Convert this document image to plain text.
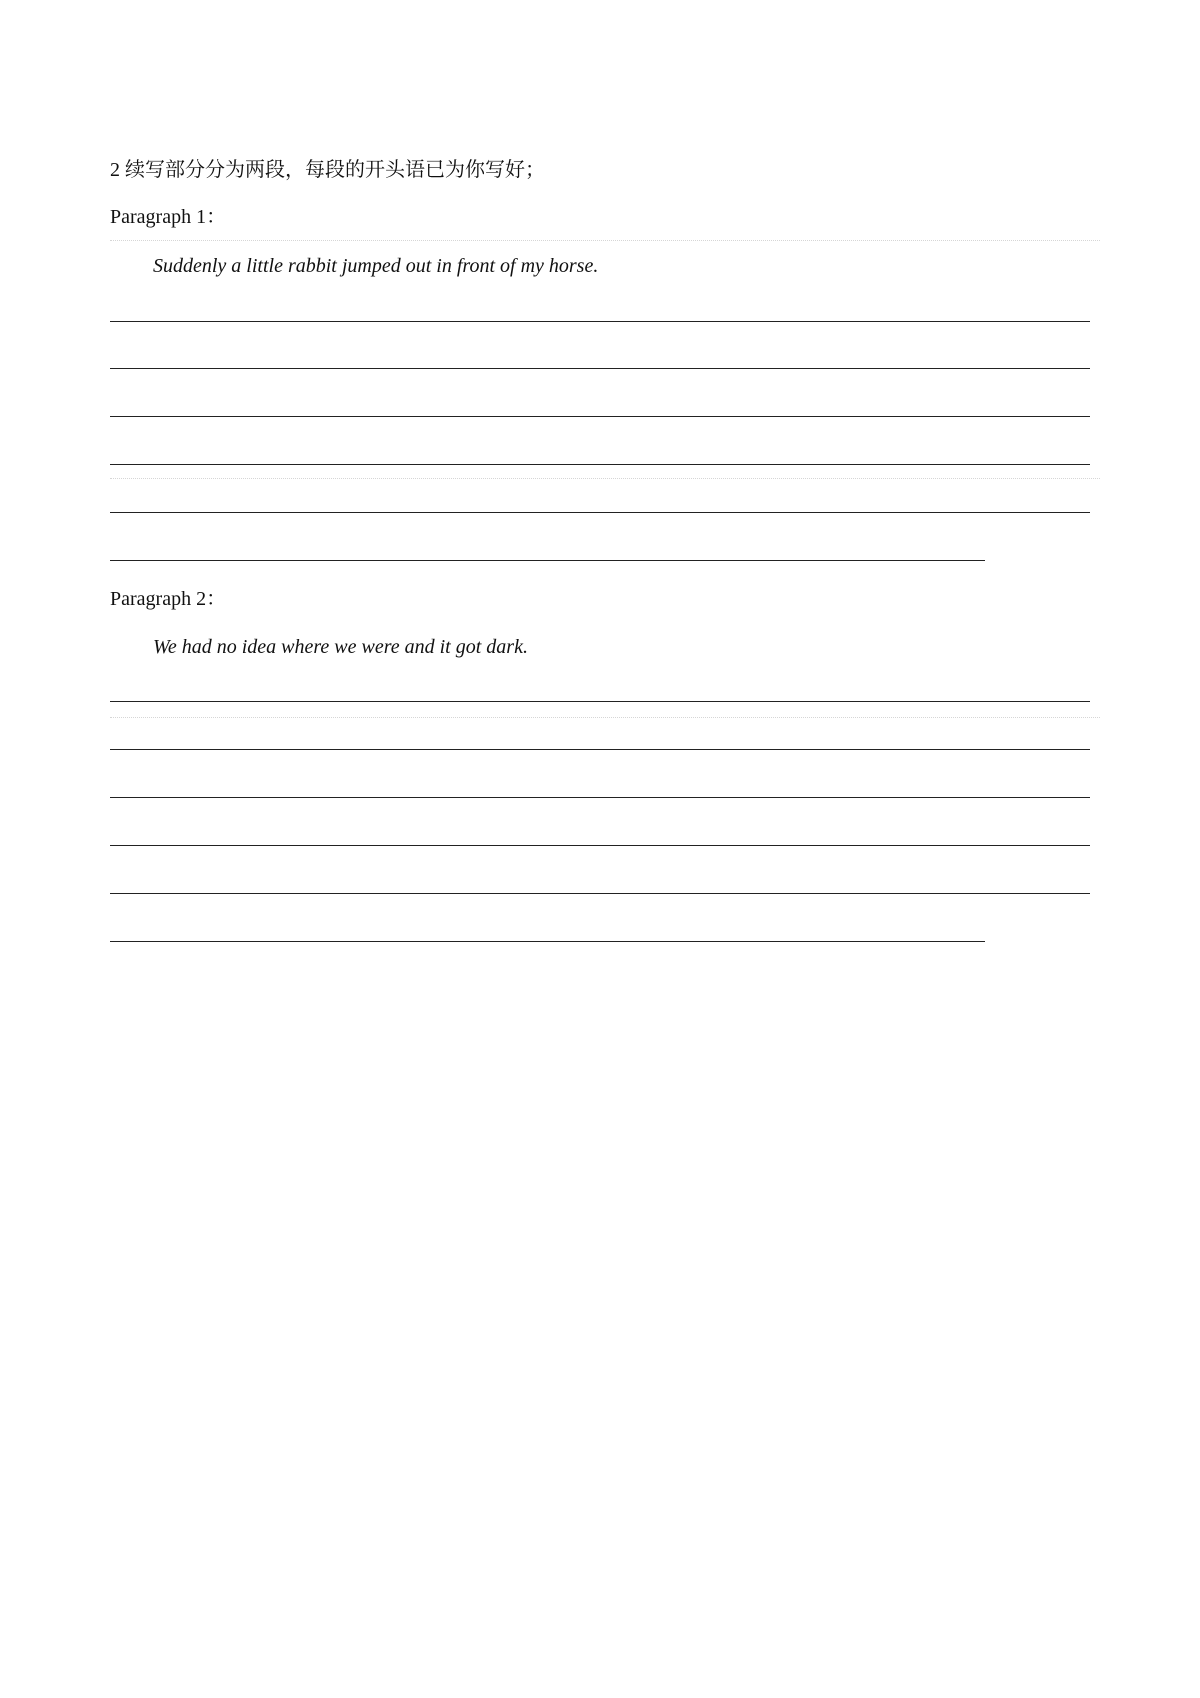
2 续写部分分为两段，每段的开头语已为你写好；
Paragraph 1：
Suddenly a little rabbit jumped out in front of my horse.
Paragraph 2：
We had no idea where we were and it got dark.
